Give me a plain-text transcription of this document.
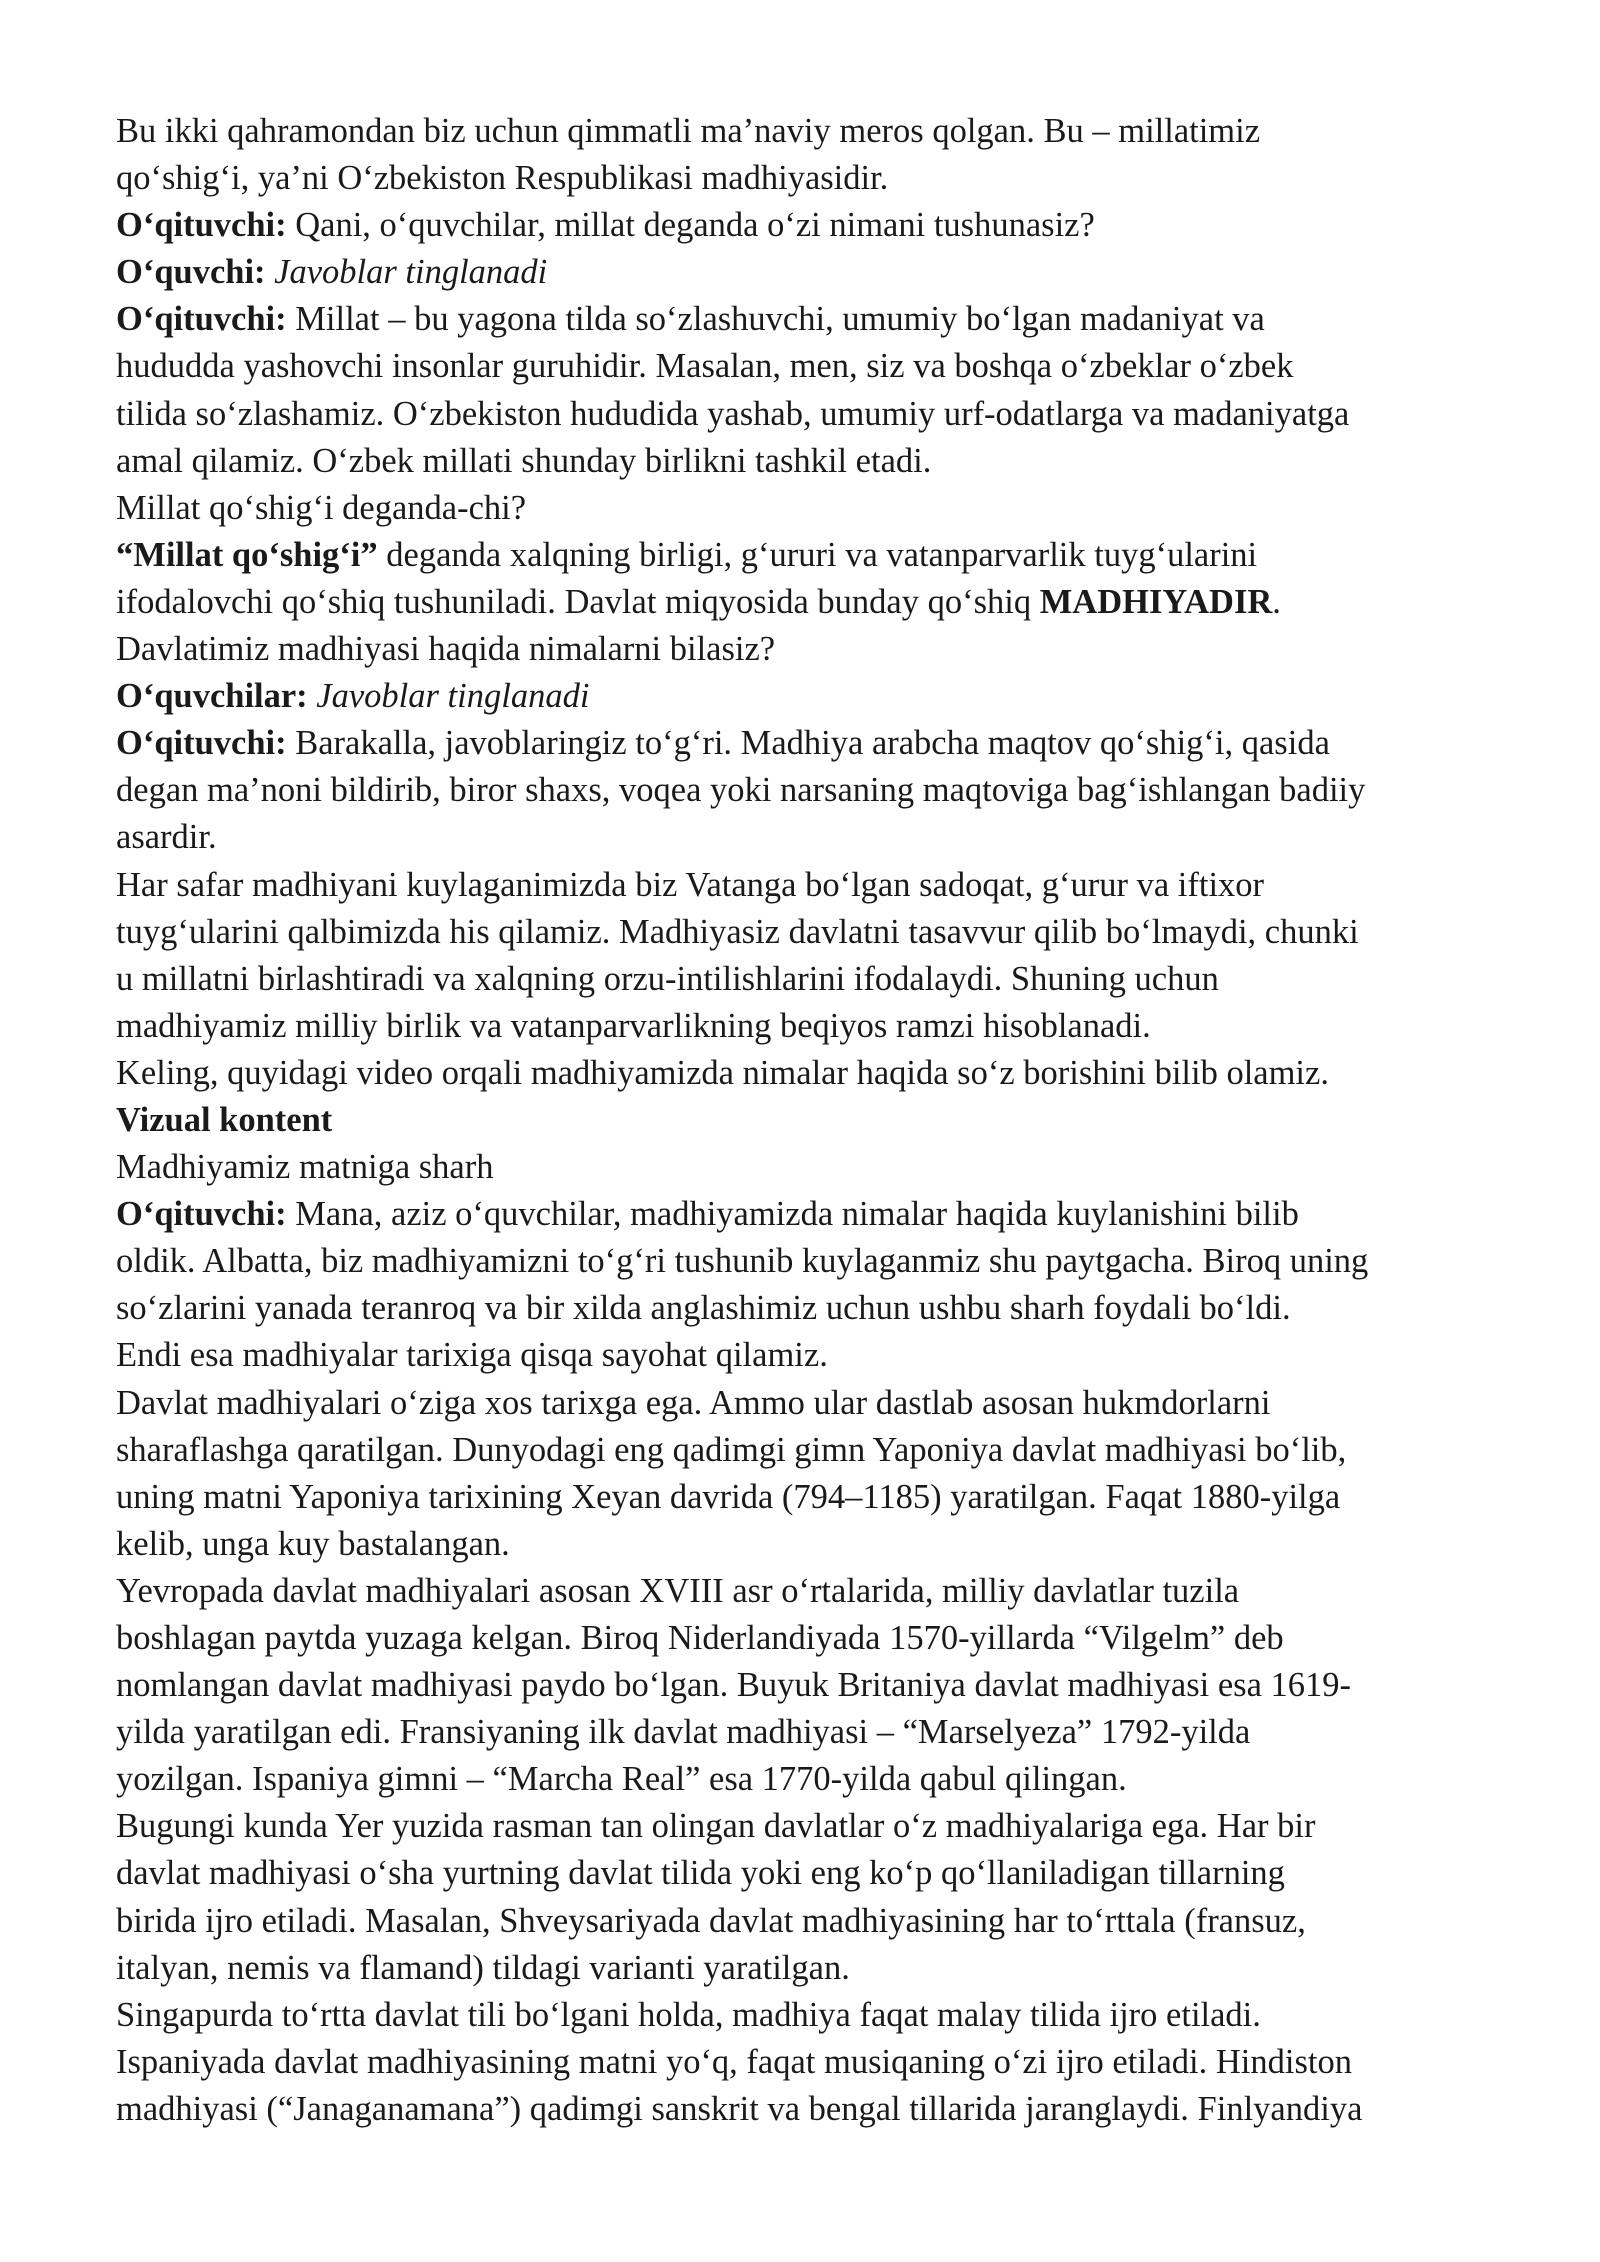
Bu ikki qahramondan biz uchun qimmatli ma’naviy meros qolgan. Bu – millatimiz
qo‘shig‘i, ya’ni O‘zbekiston Respublikasi madhiyasidir.
O‘qituvchi: Qani, o‘quvchilar, millat deganda o‘zi nimani tushunasiz?
O‘quvchi: Javoblar tinglanadi
O‘qituvchi: Millat – bu yagona tilda so‘zlashuvchi, umumiy bo‘lgan madaniyat va
hududda yashovchi insonlar guruhidir. Masalan, men, siz va boshqa o‘zbeklar o‘zbek
tilida so‘zlashamiz. O‘zbekiston hududida yashab, umumiy urf-odatlarga va madaniyatga
amal qilamiz. O‘zbek millati shunday birlikni tashkil etadi.
Millat qo‘shig‘i deganda-chi?
“Millat qo‘shig‘i” deganda xalqning birligi, g‘ururi va vatanparvarlik tuyg‘ularini
ifodalovchi qo‘shiq tushuniladi. Davlat miqyosida bunday qo‘shiq MADHIYADIR.
Davlatimiz madhiyasi haqida nimalarni bilasiz?
O‘quvchilar: Javoblar tinglanadi
O‘qituvchi: Barakalla, javoblaringiz to‘g‘ri. Madhiya arabcha maqtov qo‘shig‘i, qasida
degan ma’noni bildirib, biror shaxs, voqea yoki narsaning maqtoviga bag‘ishlangan badiiy
asardir.
Har safar madhiyani kuylaganimizda biz Vatanga bo‘lgan sadoqat, g‘urur va iftixor
tuyg‘ularini qalbimizda his qilamiz. Madhiyasiz davlatni tasavvur qilib bo‘lmaydi, chunki
u millatni birlashtiradi va xalqning orzu-intilishlarini ifodalaydi. Shuning uchun
madhiyamiz milliy birlik va vatanparvarlikning beqiyos ramzi hisoblanadi.
Keling, quyidagi video orqali madhiyamizda nimalar haqida so‘z borishini bilib olamiz.
Vizual kontent
Madhiyamiz matniga sharh
O‘qituvchi: Mana, aziz o‘quvchilar, madhiyamizda nimalar haqida kuylanishini bilib
oldik. Albatta, biz madhiyamizni to‘g‘ri tushunib kuylaganmiz shu paytgacha. Biroq uning
so‘zlarini yanada teranroq va bir xilda anglashimiz uchun ushbu sharh foydali bo‘ldi.
Endi esa madhiyalar tarixiga qisqa sayohat qilamiz.
Davlat madhiyalari o‘ziga xos tarixga ega. Ammo ular dastlab asosan hukmdorlarni
sharaflashga qaratilgan. Dunyodagi eng qadimgi gimn Yaponiya davlat madhiyasi bo‘lib,
uning matni Yaponiya tarixining Xeyan davrida (794–1185) yaratilgan. Faqat 1880-yilga
kelib, unga kuy bastalangan.
Yevropada davlat madhiyalari asosan XVIII asr o‘rtalarida, milliy davlatlar tuzila
boshlagan paytda yuzaga kelgan. Biroq Niderlandiyada 1570-yillarda “Vilgelm” deb
nomlangan davlat madhiyasi paydo bo‘lgan. Buyuk Britaniya davlat madhiyasi esa 1619-
yilda yaratilgan edi. Fransiyaning ilk davlat madhiyasi – “Marselyeza” 1792-yilda
yozilgan. Ispaniya gimni – “Marcha Real” esa 1770-yilda qabul qilingan.
Bugungi kunda Yer yuzida rasman tan olingan davlatlar o‘z madhiyalariga ega. Har bir
davlat madhiyasi o‘sha yurtning davlat tilida yoki eng ko‘p qo‘llaniladigan tillarning
birida ijro etiladi. Masalan, Shveysariyada davlat madhiyasining har to‘rttala (fransuz,
italyan, nemis va flamand) tildagi varianti yaratilgan.
Singapurda to‘rtta davlat tili bo‘lgani holda, madhiya faqat malay tilida ijro etiladi.
Ispaniyada davlat madhiyasining matni yo‘q, faqat musiqaning o‘zi ijro etiladi. Hindiston
madhiyasi (“Janaganamana”) qadimgi sanskrit va bengal tillarida jaranglaydi. Finlyandiya
